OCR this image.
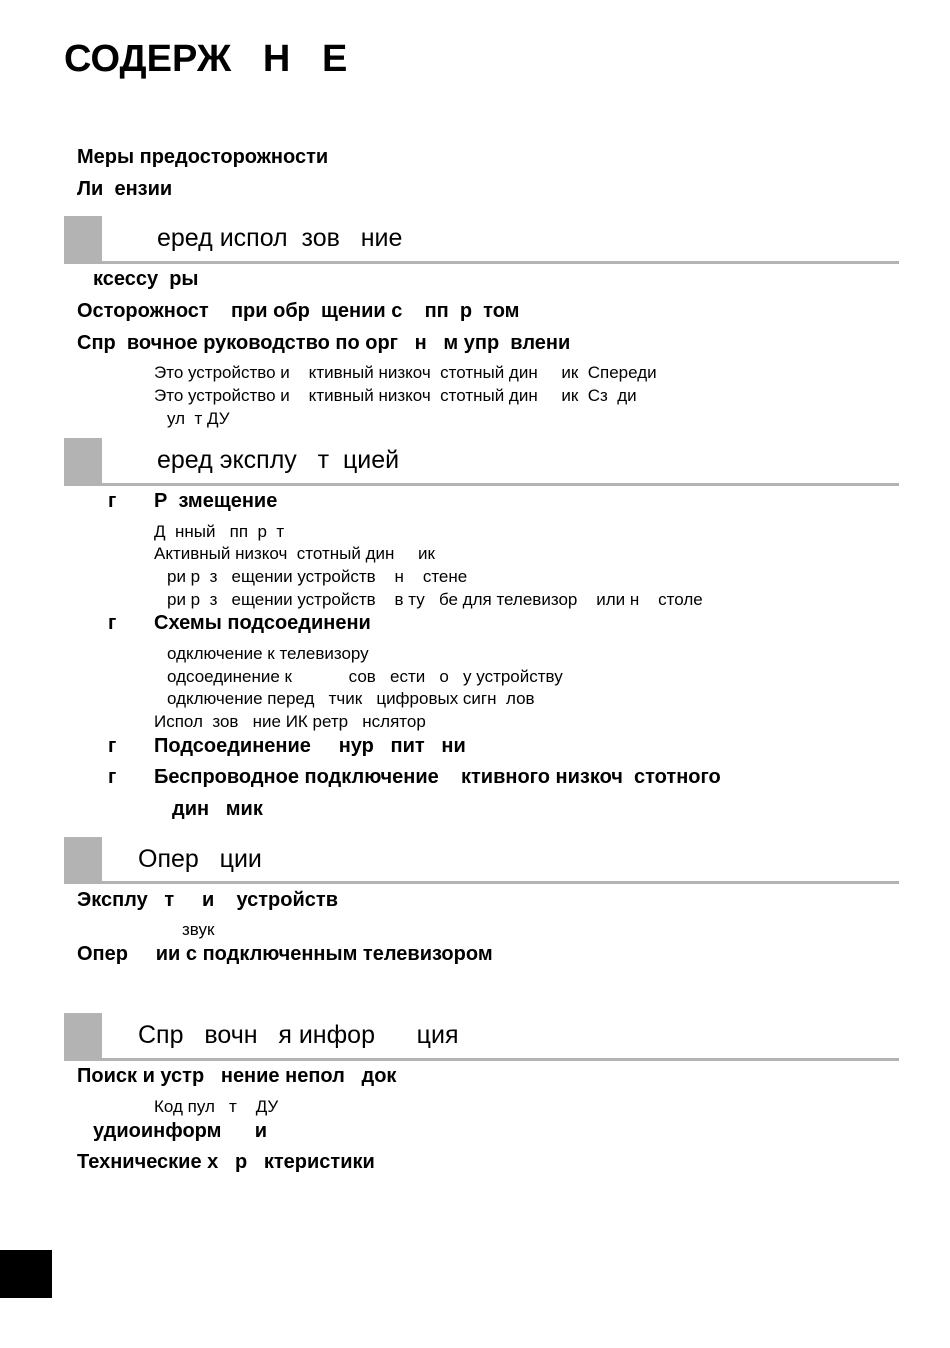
СОДЕРЖ   Н   Е
Меры предосторожности
Ли  ензии
еред испол  зов   ние
ксессу  ры
Осторожност    при обр  щении с    пп  р  том
Спр  вочное руководство по орг   н   м упр  влени
Это устройство и    ктивный низкоч  стотный дин     ик  Спереди
Это устройство и    ктивный низкоч  стотный дин     ик  Сз  ди
ул  т ДУ
еред эксплу   т  цией
г Р  змещение
Д  нный   пп  р  т
Активный низкоч  стотный дин     ик
ри р  з   ещении устройств    н    стене
ри р  з   ещении устройств    в ту   бе для телевизор    или н    столе
г Схемы подсоединени
одключение к телевизору
одсоединение к            сов   ести   о   у устройству
одключение перед   тчик   цифровых сигн  лов
Испол  зов   ние ИК ретр   нслятор
г Подсоединение     нур   пит   ни
г Беспроводное подключение    ктивного низкоч  стотного
дин   мик
Опер   ции
Эксплу   т     и    устройств
звук
Опер     ии с подключенным телевизором
Спр   вочн   я инфор      ция
Поиск и устр   нение непол   док
Код пул   т    ДУ
удиоинформ      и
Технические х   р   ктеристики
